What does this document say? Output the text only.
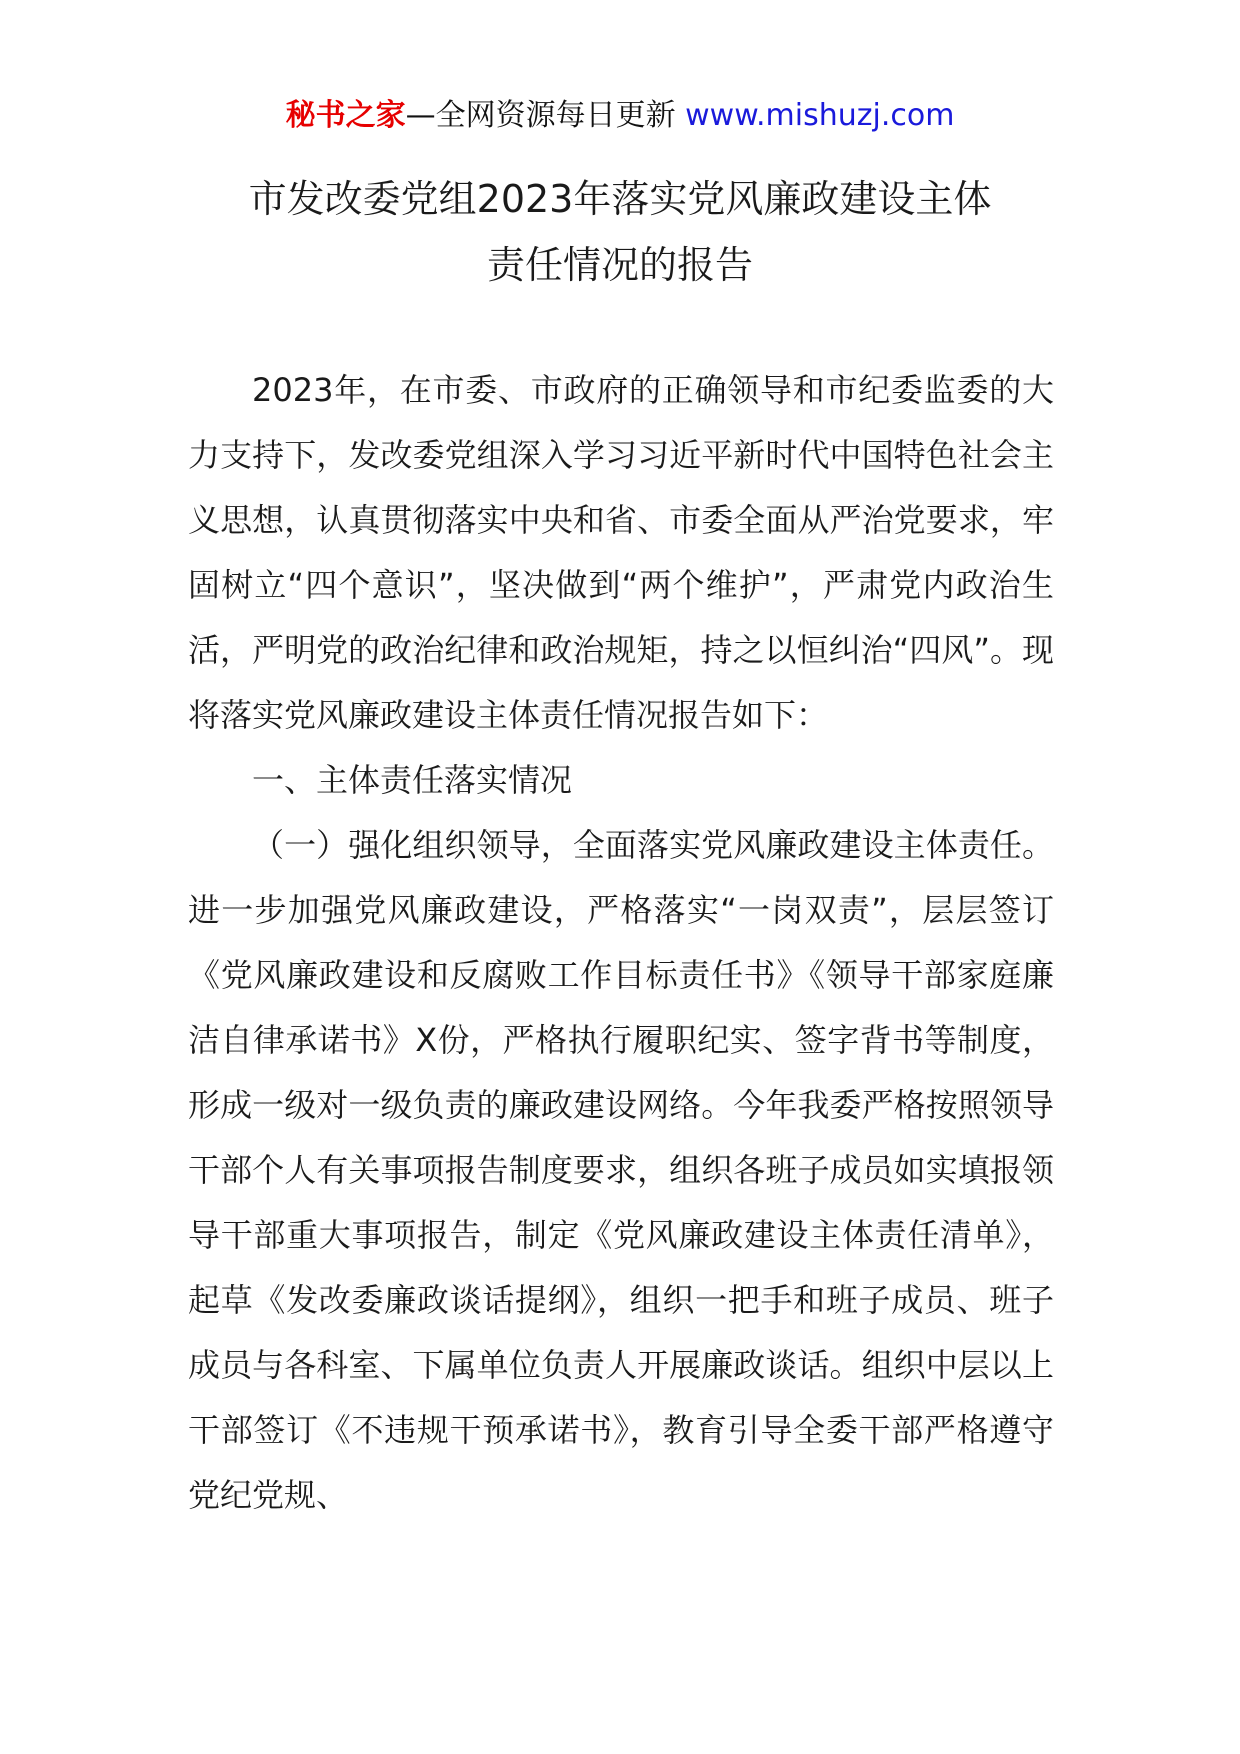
秘书之家—全网资源每日更新 www.mishuzj.com
市发改委党组2023年落实党风廉政建设主体
责任情况的报告

2023年，在市委、市政府的正确领导和市纪委监委的大力支持下，发改委党组深入学习习近平新时代中国特色社会主义思想，认真贯彻落实中央和省、市委全面从严治党要求，牢固树立“四个意识”，坚决做到“两个维护”，严肃党内政治生活，严明党的政治纪律和政治规矩，持之以恒纠治“四风”。现将落实党风廉政建设主体责任情况报告如下：

一、主体责任落实情况

（一）强化组织领导，全面落实党风廉政建设主体责任。进一步加强党风廉政建设，严格落实“一岗双责”，层层签订《党风廉政建设和反腐败工作目标责任书》《领导干部家庭廉洁自律承诺书》X份，严格执行履职纪实、签字背书等制度，形成一级对一级负责的廉政建设网络。今年我委严格按照领导干部个人有关事项报告制度要求，组织各班子成员如实填报领导干部重大事项报告，制定《党风廉政建设主体责任清单》，起草《发改委廉政谈话提纲》，组织一把手和班子成员、班子成员与各科室、下属单位负责人开展廉政谈话。组织中层以上干部签订《不违规干预承诺书》，教育引导全委干部严格遵守党纪党规、
